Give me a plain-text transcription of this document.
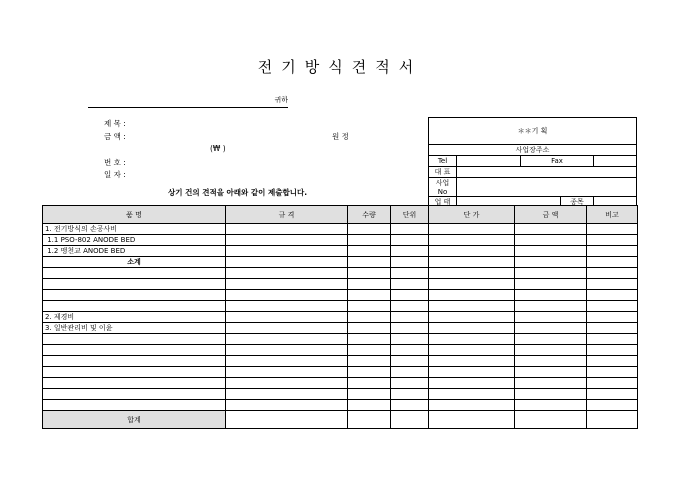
전기방식견적서
귀하
제 목 :
금 액 :	원 정
(₩ )
번 호 :
일 자 :
상기 건의 견적을 아래와 같이 제출합니다.
＊＊기 획				
사업장주소				
Tel		Fax		
대 표				
사업No				
업 태			종목	
품 명	규 격	수량	단위	단 가	금 액	비고
1. 전기방식의 손공사비						
1.1 PSO-802 ANODE BED						
1.2 맹천교 ANODE BED						
소계						

2. 제경비						
3. 일반관리비 및 이윤						

합계						
